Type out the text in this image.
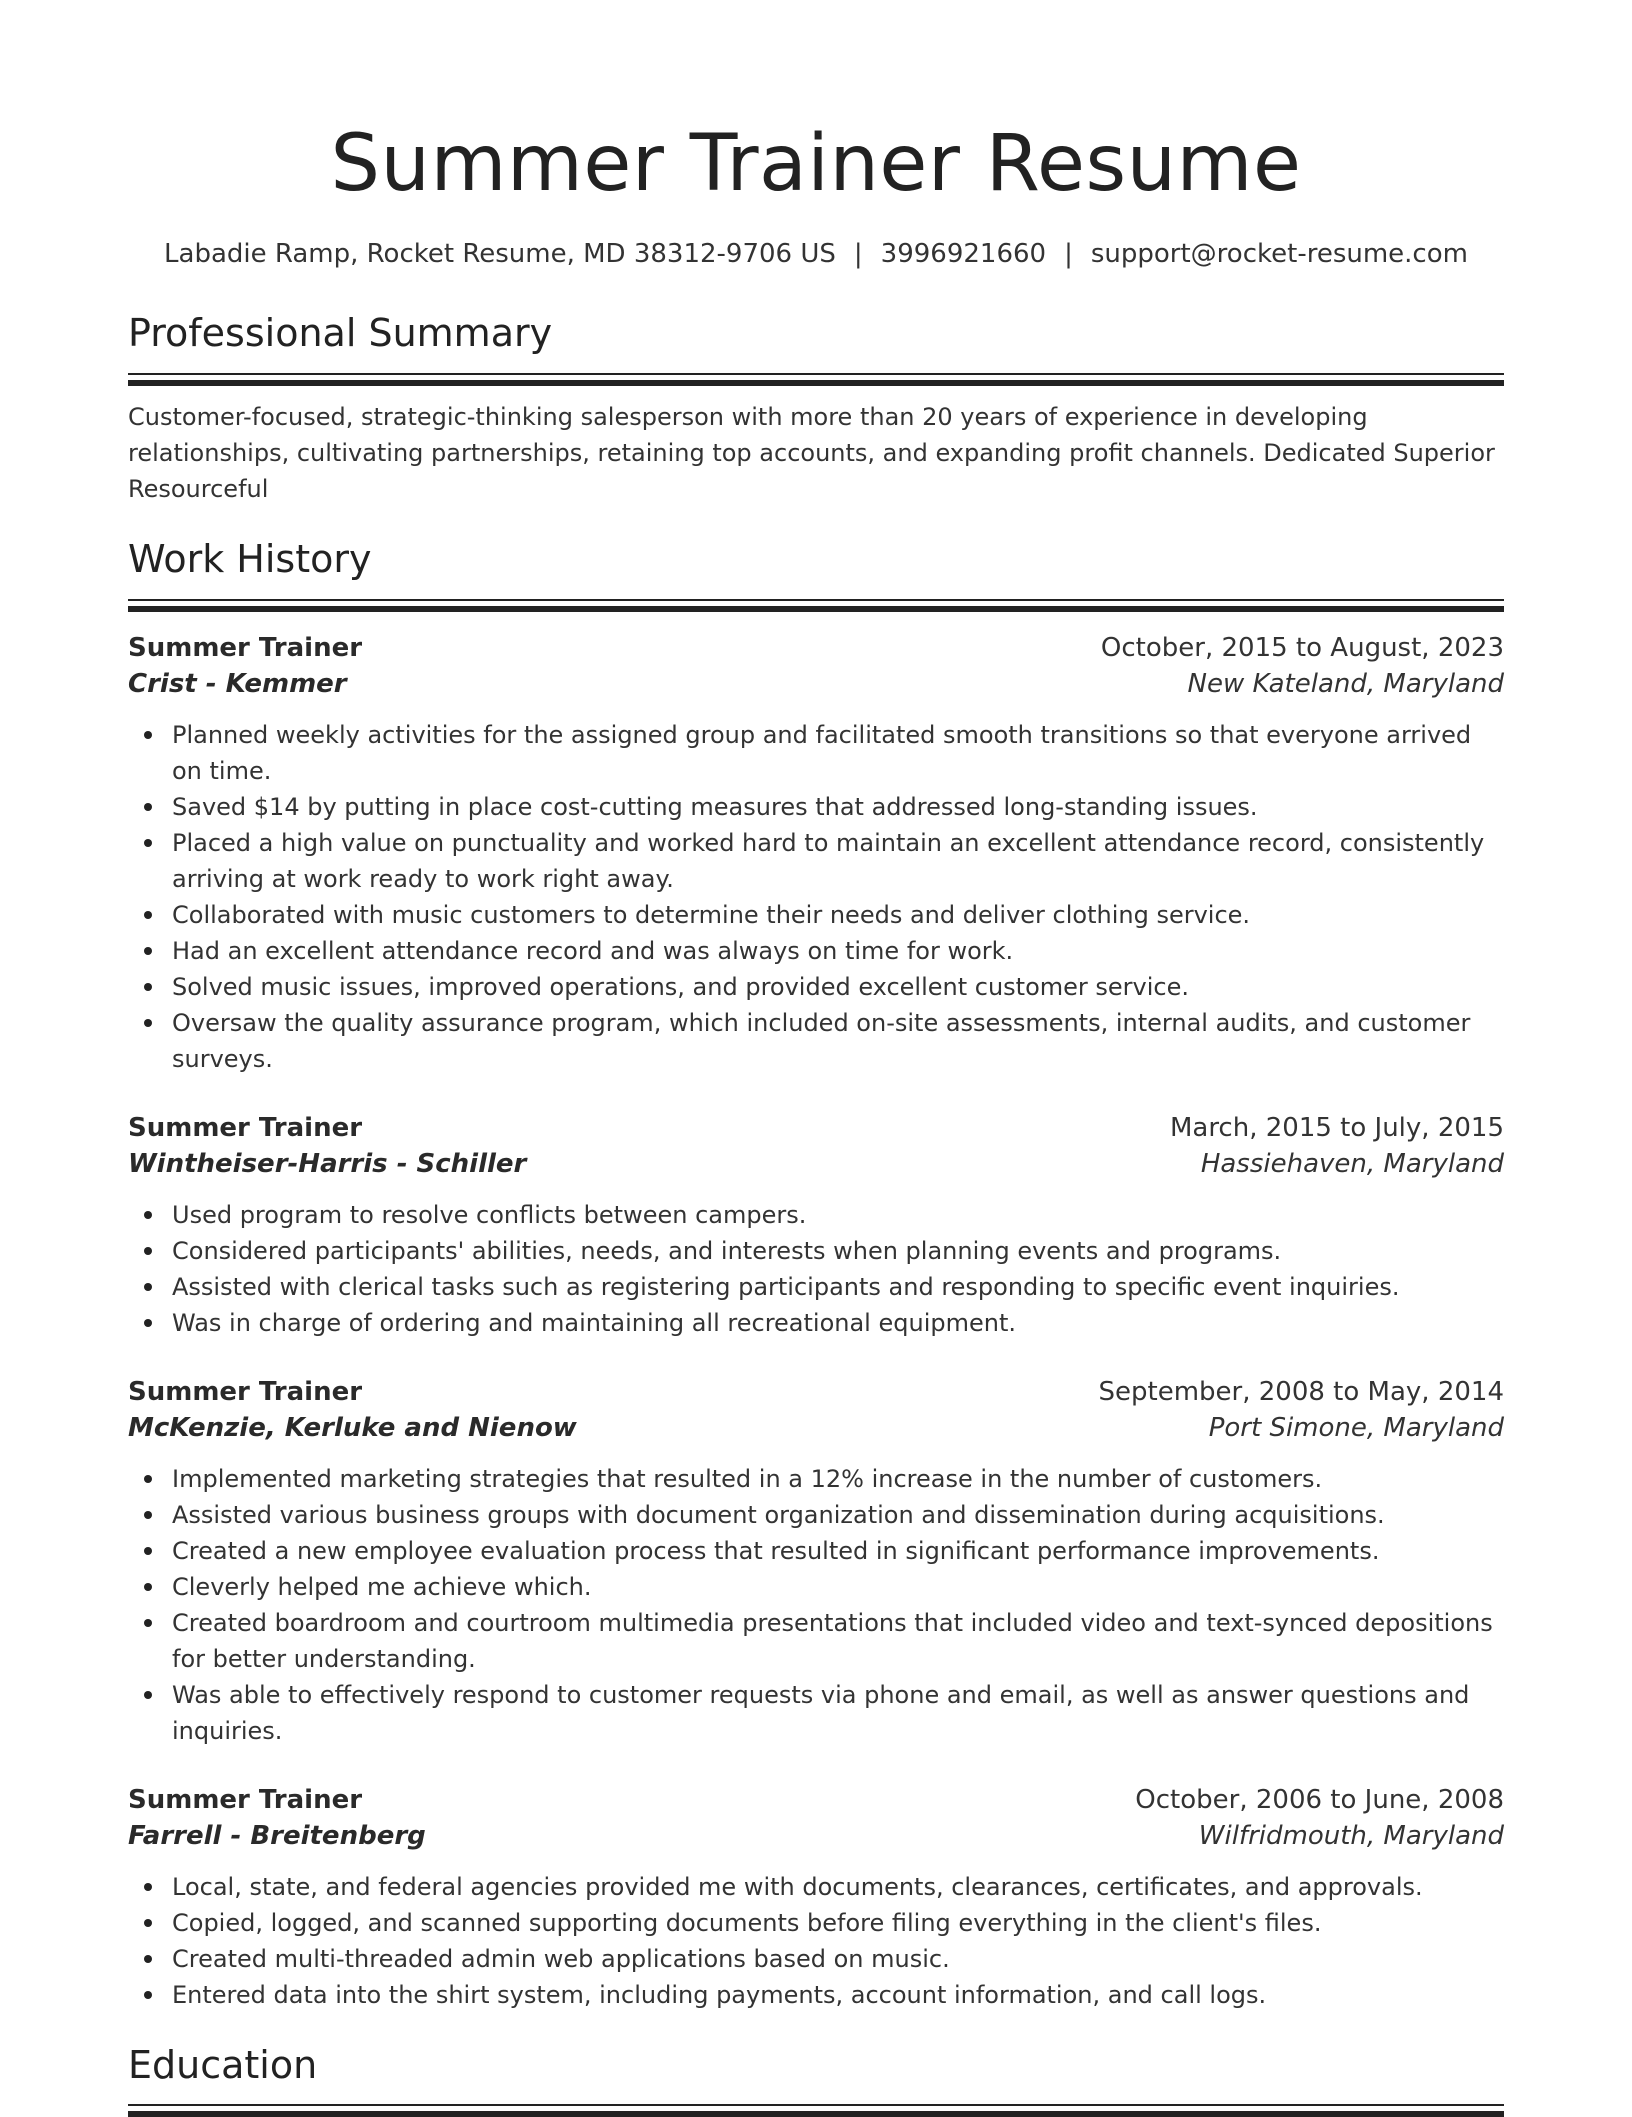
Summer Trainer Resume
Labadie Ramp, Rocket Resume, MD 38312-9706 US | 3996921660 | support@rocket-resume.com
Professional Summary
Customer-focused, strategic-thinking salesperson with more than 20 years of experience in developing relationships, cultivating partnerships, retaining top accounts, and expanding profit channels. Dedicated Superior Resourceful
Work History
Summer Trainer	October, 2015 to August, 2023
Crist - Kemmer	New Kateland, Maryland
Planned weekly activities for the assigned group and facilitated smooth transitions so that everyone arrived on time.
Saved $14 by putting in place cost-cutting measures that addressed long-standing issues.
Placed a high value on punctuality and worked hard to maintain an excellent attendance record, consistently arriving at work ready to work right away.
Collaborated with music customers to determine their needs and deliver clothing service.
Had an excellent attendance record and was always on time for work.
Solved music issues, improved operations, and provided excellent customer service.
Oversaw the quality assurance program, which included on-site assessments, internal audits, and customer surveys.
Summer Trainer	March, 2015 to July, 2015
Wintheiser-Harris - Schiller	Hassiehaven, Maryland
Used program to resolve conflicts between campers.
Considered participants' abilities, needs, and interests when planning events and programs.
Assisted with clerical tasks such as registering participants and responding to specific event inquiries.
Was in charge of ordering and maintaining all recreational equipment.
Summer Trainer	September, 2008 to May, 2014
McKenzie, Kerluke and Nienow	Port Simone, Maryland
Implemented marketing strategies that resulted in a 12% increase in the number of customers.
Assisted various business groups with document organization and dissemination during acquisitions.
Created a new employee evaluation process that resulted in significant performance improvements.
Cleverly helped me achieve which.
Created boardroom and courtroom multimedia presentations that included video and text-synced depositions for better understanding.
Was able to effectively respond to customer requests via phone and email, as well as answer questions and inquiries.
Summer Trainer	October, 2006 to June, 2008
Farrell - Breitenberg	Wilfridmouth, Maryland
Local, state, and federal agencies provided me with documents, clearances, certificates, and approvals.
Copied, logged, and scanned supporting documents before filing everything in the client's files.
Created multi-threaded admin web applications based on music.
Entered data into the shirt system, including payments, account information, and call logs.
Education
